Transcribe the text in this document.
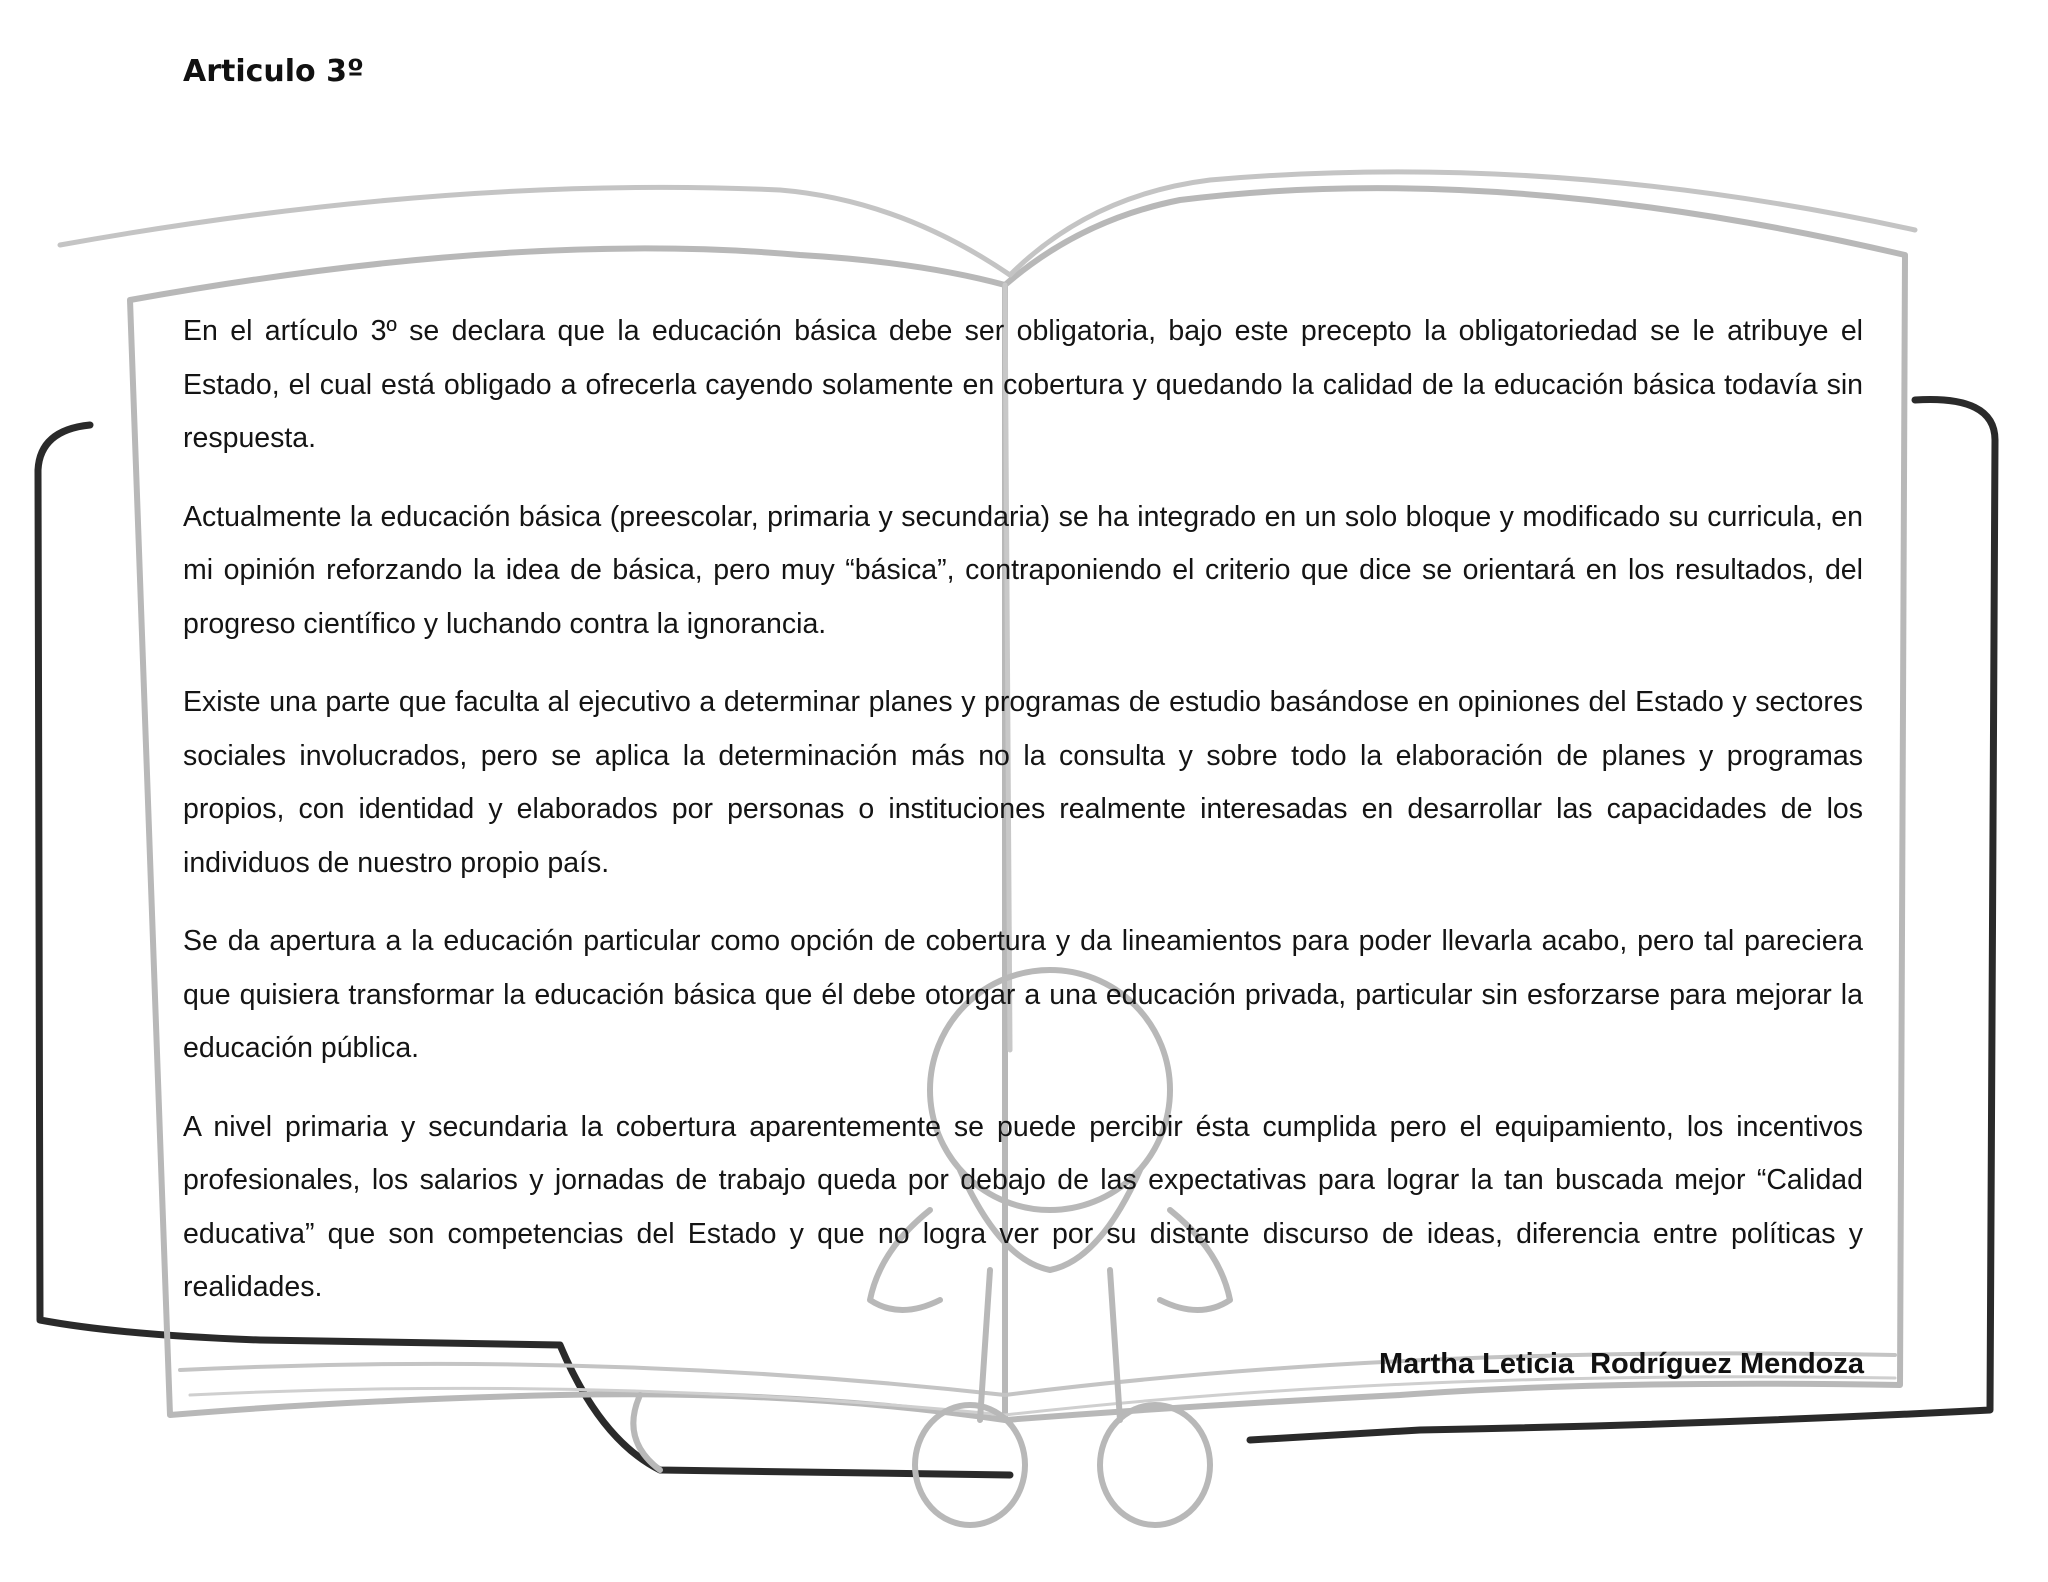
Articulo 3º

En el artículo 3º se declara que la educación básica debe ser obligatoria, bajo este precepto la obligatoriedad se le atribuye el Estado, el cual está obligado a ofrecerla cayendo solamente en cobertura y quedando la calidad de la educación básica todavía sin respuesta.

Actualmente la educación básica (preescolar, primaria y secundaria) se ha integrado en un solo bloque y modificado su curricula, en mi opinión reforzando la idea de básica, pero muy “básica”, contraponiendo el criterio que dice se orientará en los resultados, del progreso científico y luchando contra la ignorancia.

Existe una parte que faculta al ejecutivo a determinar planes y programas de estudio basándose en opiniones del Estado y sectores sociales involucrados, pero se aplica la determinación más no la consulta y sobre todo la elaboración de planes y programas propios, con identidad y elaborados por personas o instituciones realmente interesadas en desarrollar las capacidades de los individuos de nuestro propio país.

Se da apertura a la educación particular como opción de cobertura y da lineamientos para poder llevarla acabo, pero tal pareciera que quisiera transformar la educación básica que él debe otorgar a una educación privada, particular sin esforzarse para mejorar la educación pública.

A nivel primaria y secundaria la cobertura aparentemente se puede percibir ésta cumplida pero el equipamiento, los incentivos profesionales, los salarios y jornadas de trabajo queda por debajo de las expectativas para lograr la tan buscada mejor “Calidad educativa” que son competencias del Estado y que no logra ver por su distante discurso de ideas, diferencia entre políticas y realidades.

Martha Leticia  Rodríguez Mendoza
